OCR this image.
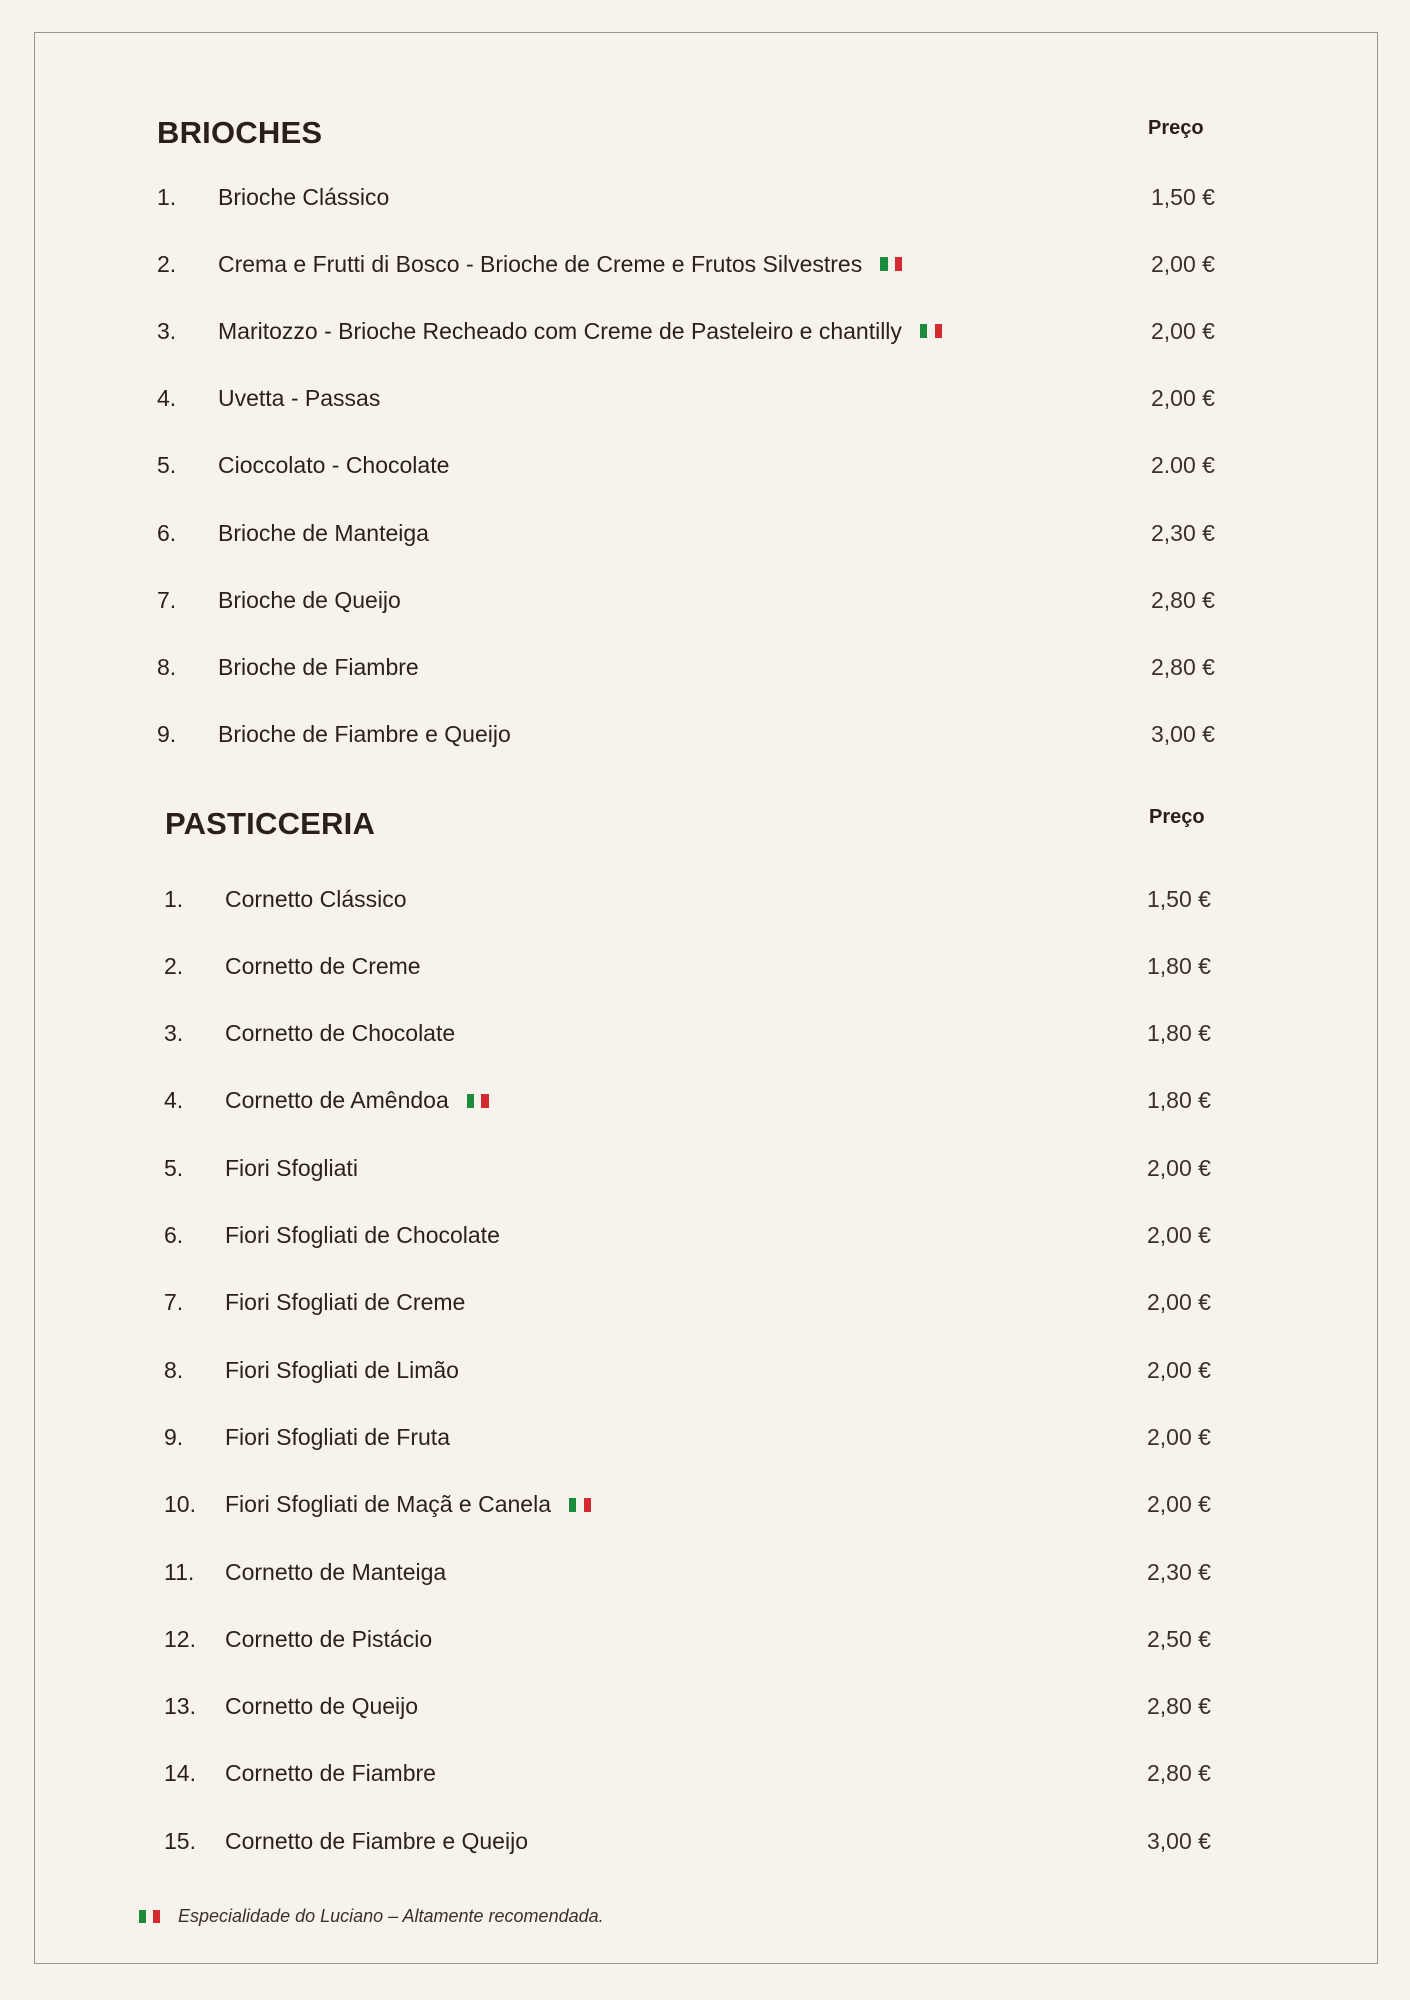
BRIOCHES	Preço
1. Brioche Clássico	1,50 €
2. Crema e Frutti di Bosco - Brioche de Creme e Frutos Silvestres	2,00 €
3. Maritozzo - Brioche Recheado com Creme de Pasteleiro e chantilly	2,00 €
4. Uvetta - Passas	2,00 €
5. Cioccolato - Chocolate	2.00 €
6. Brioche de Manteiga	2,30 €
7. Brioche de Queijo	2,80 €
8. Brioche de Fiambre	2,80 €
9. Brioche de Fiambre e Queijo	3,00 €
PASTICCERIA	Preço
1. Cornetto Clássico	1,50 €
2. Cornetto de Creme	1,80 €
3. Cornetto de Chocolate	1,80 €
4. Cornetto de Amêndoa	1,80 €
5. Fiori Sfogliati	2,00 €
6. Fiori Sfogliati de Chocolate	2,00 €
7. Fiori Sfogliati de Creme	2,00 €
8. Fiori Sfogliati de Limão	2,00 €
9. Fiori Sfogliati de Fruta	2,00 €
10. Fiori Sfogliati de Maçã e Canela	2,00 €
11. Cornetto de Manteiga	2,30 €
12. Cornetto de Pistácio	2,50 €
13. Cornetto de Queijo	2,80 €
14. Cornetto de Fiambre	2,80 €
15. Cornetto de Fiambre e Queijo	3,00 €
Especialidade do Luciano – Altamente recomendada.
